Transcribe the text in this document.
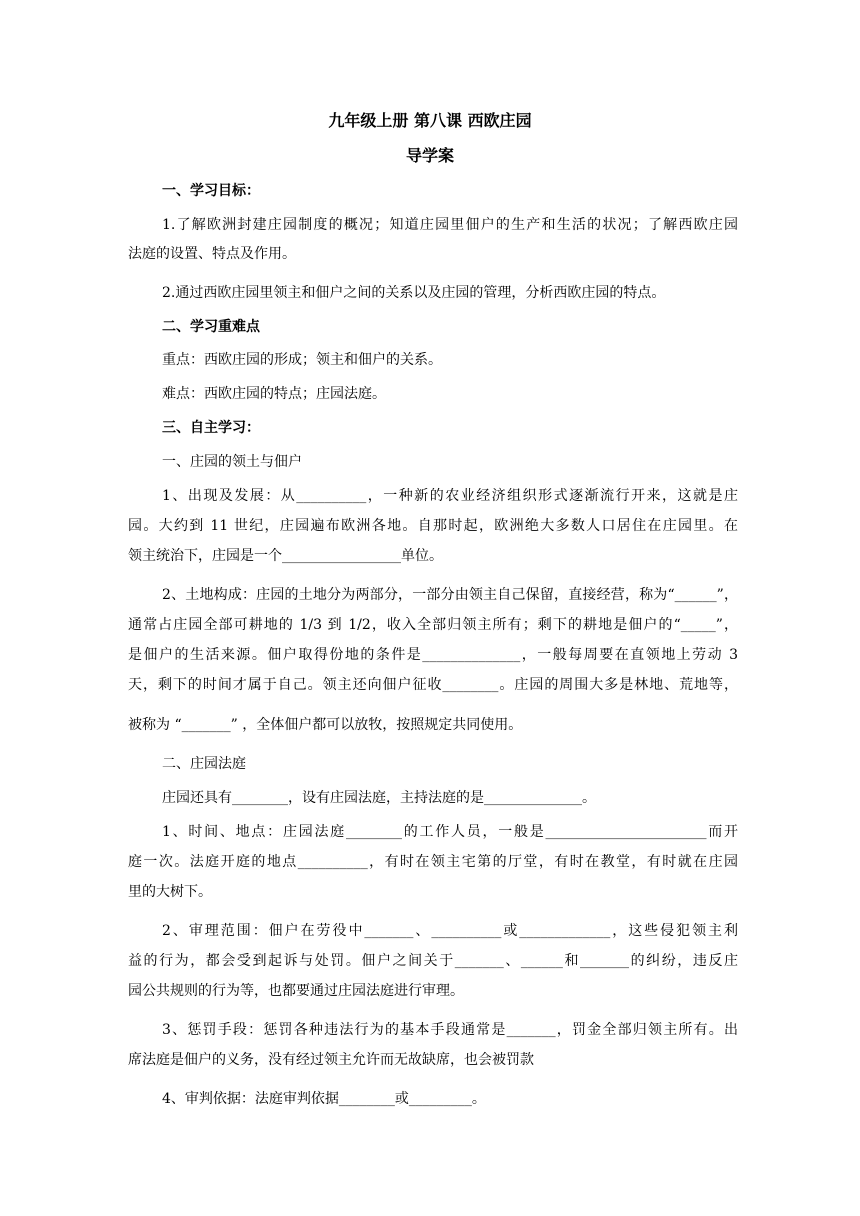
九年级上册 第八课 西欧庄园
导学案
一、学习目标：
1.了解欧洲封建庄园制度的概况；知道庄园里佃户的生产和生活的状况；了解西欧庄园
法庭的设置、特点及作用。
2.通过西欧庄园里领主和佃户之间的关系以及庄园的管理，分析西欧庄园的特点。
二、学习重难点
重点：西欧庄园的形成；领主和佃户的关系。
难点：西欧庄园的特点；庄园法庭。
三、自主学习：
一、庄园的领土与佃户
1、出现及发展：从__________，一种新的农业经济组织形式逐渐流行开来，这就是庄
园。大约到 11 世纪，庄园遍布欧洲各地。自那时起，欧洲绝大多数人口居住在庄园里。在
领主统治下，庄园是一个_________________单位。
2、土地构成：庄园的土地分为两部分，一部分由领主自己保留，直接经营，称为“______”，
通常占庄园全部可耕地的 1/3 到 1/2，收入全部归领主所有；剩下的耕地是佃户的“_____”，
是佃户的生活来源。佃户取得份地的条件是______________，一般每周要在直领地上劳动 3
天，剩下的时间才属于自己。领主还向佃户征收________。庄园的周围大多是林地、荒地等，
被称为 “_______” ，全体佃户都可以放牧，按照规定共同使用。
二、庄园法庭
庄园还具有________，设有庄园法庭，主持法庭的是______________。
1、时间、地点：庄园法庭________的工作人员，一般是_______________________而开
庭一次。法庭开庭的地点__________，有时在领主宅第的厅堂，有时在教堂，有时就在庄园
里的大树下。
2、审理范围：佃户在劳役中_______、__________或_____________，这些侵犯领主利
益的行为，都会受到起诉与处罚。佃户之间关于_______、______和_______的纠纷，违反庄
园公共规则的行为等，也都要通过庄园法庭进行审理。
3、惩罚手段：惩罚各种违法行为的基本手段通常是_______，罚金全部归领主所有。出
席法庭是佃户的义务，没有经过领主允许而无故缺席，也会被罚款
4、审判依据：法庭审判依据________或_________。
